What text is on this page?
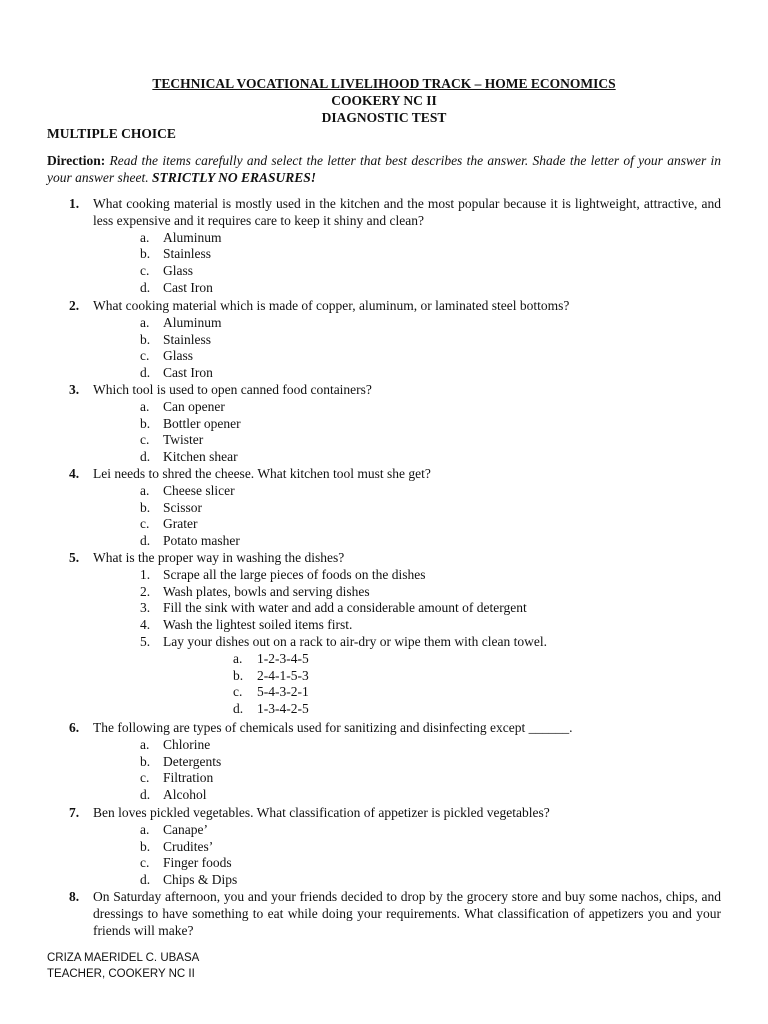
TECHNICAL VOCATIONAL LIVELIHOOD TRACK – HOME ECONOMICS
COOKERY NC II
DIAGNOSTIC TEST
MULTIPLE CHOICE
Direction: Read the items carefully and select the letter that best describes the answer. Shade the letter of your answer in your answer sheet. STRICTLY NO ERASURES!
1. What cooking material is mostly used in the kitchen and the most popular because it is lightweight, attractive, and less expensive and it requires care to keep it shiny and clean?
a. Aluminum
b. Stainless
c. Glass
d. Cast Iron
2. What cooking material which is made of copper, aluminum, or laminated steel bottoms?
a. Aluminum
b. Stainless
c. Glass
d. Cast Iron
3. Which tool is used to open canned food containers?
a. Can opener
b. Bottler opener
c. Twister
d. Kitchen shear
4. Lei needs to shred the cheese. What kitchen tool must she get?
a. Cheese slicer
b. Scissor
c. Grater
d. Potato masher
5. What is the proper way in washing the dishes?
1. Scrape all the large pieces of foods on the dishes
2. Wash plates, bowls and serving dishes
3. Fill the sink with water and add a considerable amount of detergent
4. Wash the lightest soiled items first.
5. Lay your dishes out on a rack to air-dry or wipe them with clean towel.
a. 1-2-3-4-5
b. 2-4-1-5-3
c. 5-4-3-2-1
d. 1-3-4-2-5
6. The following are types of chemicals used for sanitizing and disinfecting except ______.
a. Chlorine
b. Detergents
c. Filtration
d. Alcohol
7. Ben loves pickled vegetables. What classification of appetizer is pickled vegetables?
a. Canape’
b. Crudites’
c. Finger foods
d. Chips & Dips
8. On Saturday afternoon, you and your friends decided to drop by the grocery store and buy some nachos, chips, and dressings to have something to eat while doing your requirements. What classification of appetizers you and your friends will make?
CRIZA MAERIDEL C. UBASA
TEACHER, COOKERY NC II
